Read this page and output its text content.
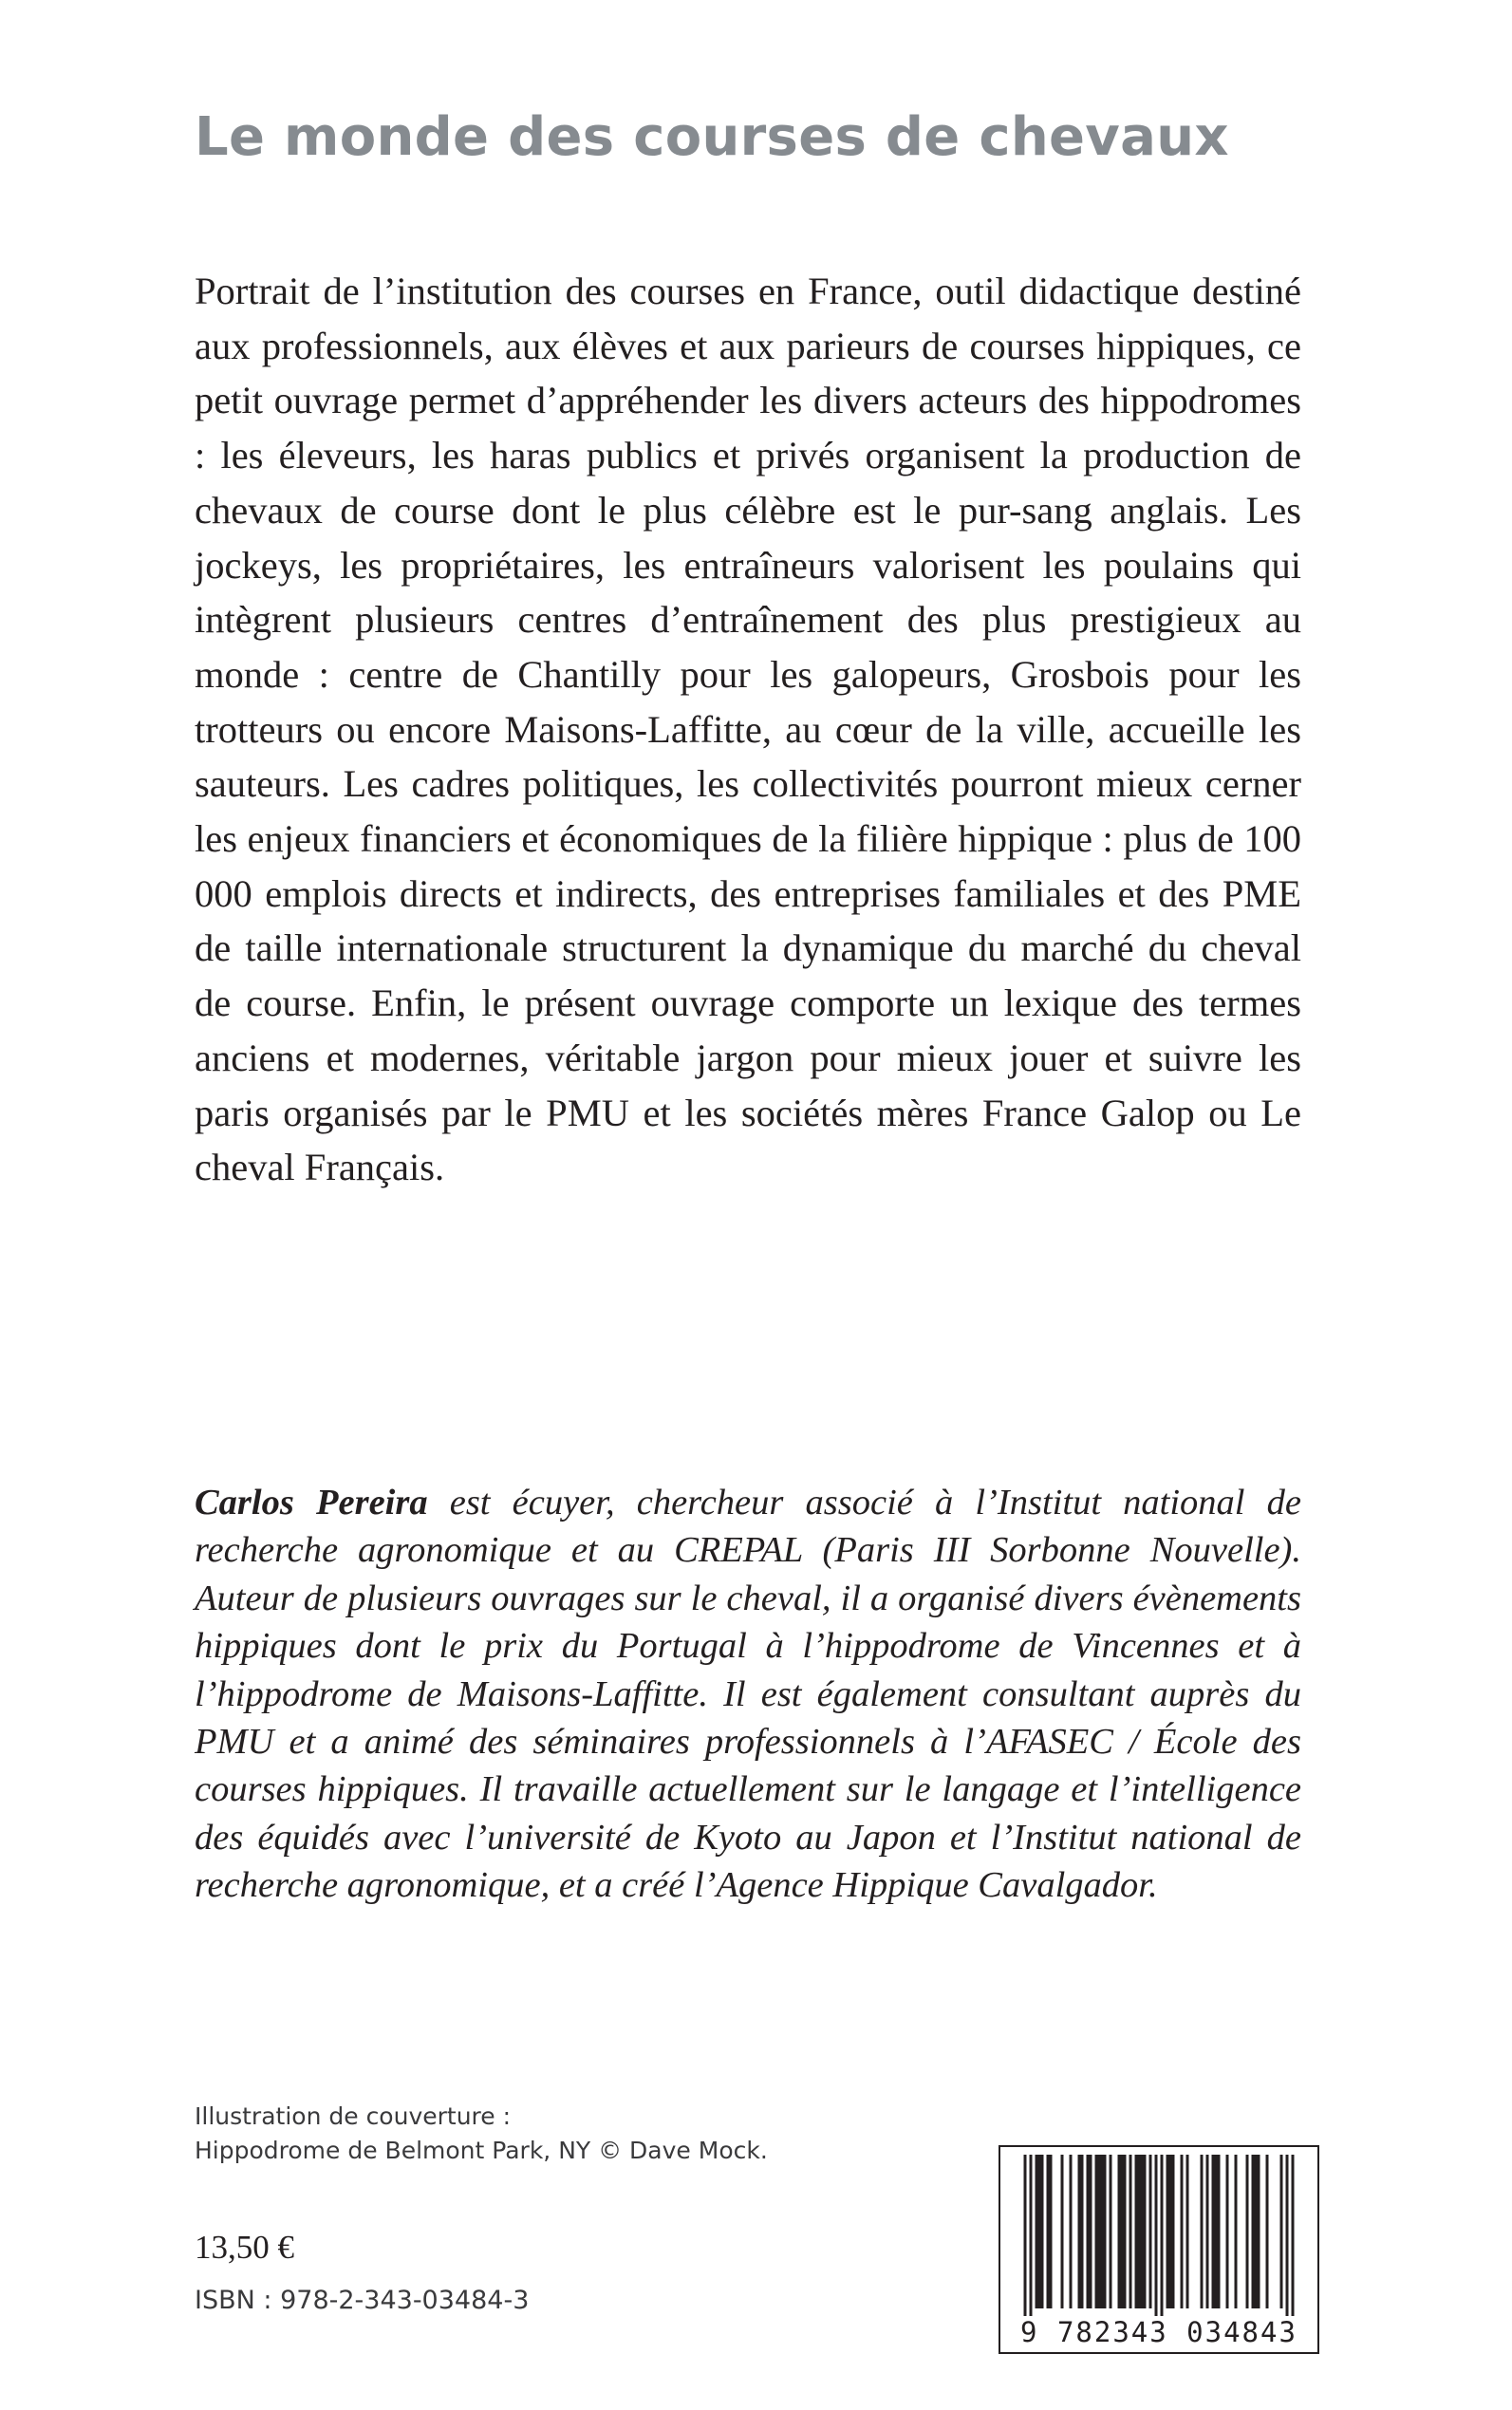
Le monde des courses de chevaux

Portrait de l’institution des courses en France, outil didactique destiné aux professionnels, aux élèves et aux parieurs de courses hippiques, ce petit ouvrage permet d’appréhender les divers acteurs des hippodromes : les éleveurs, les haras publics et privés organisent la production de chevaux de course dont le plus célèbre est le pur-sang anglais. Les jockeys, les propriétaires, les entraîneurs valorisent les poulains qui intègrent plusieurs centres d’entraînement des plus prestigieux au monde : centre de Chantilly pour les galopeurs, Grosbois pour les trotteurs ou encore Maisons-Laffitte, au cœur de la ville, accueille les sauteurs. Les cadres politiques, les collectivités pourront mieux cerner les enjeux financiers et économiques de la filière hippique : plus de 100 000 emplois directs et indirects, des entreprises familiales et des PME de taille internationale structurent la dynamique du marché du cheval de course. Enfin, le présent ouvrage comporte un lexique des termes anciens et modernes, véritable jargon pour mieux jouer et suivre les paris organisés par le PMU et les sociétés mères France Galop ou Le cheval Français.

Carlos Pereira est écuyer, chercheur associé à l’Institut national de recherche agronomique et au CREPAL (Paris III Sorbonne Nouvelle). Auteur de plusieurs ouvrages sur le cheval, il a organisé divers évènements hippiques dont le prix du Portugal à l’hippodrome de Vincennes et à l’hippodrome de Maisons-Laffitte. Il est également consultant auprès du PMU et a animé des séminaires professionnels à l’AFASEC / École des courses hippiques. Il travaille actuellement sur le langage et l’intelligence des équidés avec l’université de Kyoto au Japon et l’Institut national de recherche agronomique, et a créé l’Agence Hippique Cavalgador.

Illustration de couverture :
Hippodrome de Belmont Park, NY © Dave Mock.
13,50 €
ISBN : 978-2-343-03484-3
9 782343 034843
